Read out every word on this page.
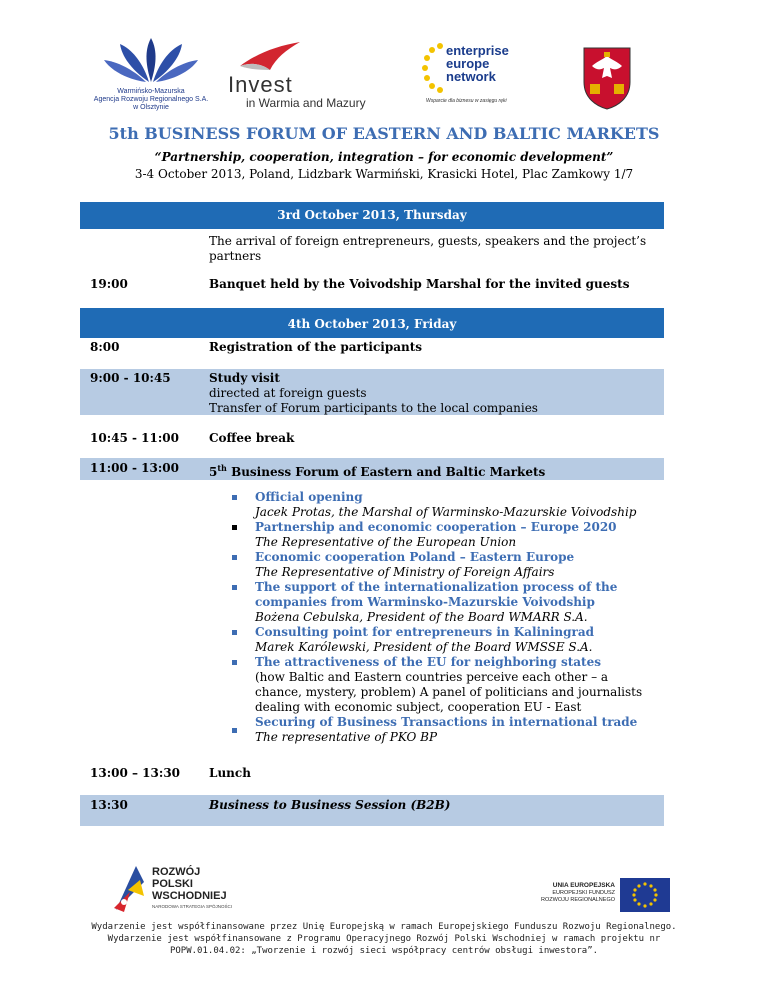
Warmińsko-Mazurska
Agencja Rozwoju Regionalnego S.A.
w Olsztynie
Invest
in Warmia and Mazury
enterprise
europe
network
Wsparcie dla biznesu w zasięgu ręki
5th BUSINESS FORUM OF EASTERN AND BALTIC MARKETS
“Partnership, cooperation, integration – for economic development”
3-4 October 2013, Poland, Lidzbark Warmiński, Krasicki Hotel, Plac Zamkowy 1/7
3rd October 2013, Thursday
The arrival of foreign entrepreneurs, guests, speakers and the project’s partners
19:00	Banquet held by the Voivodship Marshal for the invited guests
4th October 2013, Friday
8:00	Registration of the participants
9:00 - 10:45	Study visit
directed at foreign guests
Transfer of Forum participants to the local companies
10:45 - 11:00	Coffee break
11:00 - 13:00	5th Business Forum of Eastern and Baltic Markets
Official opening
Jacek Protas, the Marshal of Warminsko-Mazurskie Voivodship
Partnership and economic cooperation – Europe 2020
The Representative of the European Union
Economic cooperation Poland – Eastern Europe
The Representative of Ministry of Foreign Affairs
The support of the internationalization process of the companies from Warminsko-Mazurskie Voivodship
Bożena Cebulska, President of the Board WMARR S.A.
Consulting point for entrepreneurs in Kaliningrad
Marek Karólewski, President of the Board WMSSE S.A.
The attractiveness of the EU for neighboring states
(how Baltic and Eastern countries perceive each other – a chance, mystery, problem) A panel of politicians and journalists dealing with economic subject, cooperation EU - East
Securing of Business Transactions in international trade
The representative of PKO BP
13:00 – 13:30 Lunch
13:30	Business to Business Session (B2B)
ROZWÓJ
POLSKI WSCHODNIEJ
NARODOWA STRATEGIA SPÓJNOŚCI
UNIA EUROPEJSKA
EUROPEJSKI FUNDUSZ
ROZWOJU REGIONALNEGO
Wydarzenie jest współfinansowane przez Unię Europejską w ramach Europejskiego Funduszu Rozwoju Regionalnego.
Wydarzenie jest współfinansowane z Programu Operacyjnego Rozwój Polski Wschodniej w ramach projektu nr
POPW.01.04.02: „Tworzenie i rozwój sieci współpracy centrów obsługi inwestora”.
